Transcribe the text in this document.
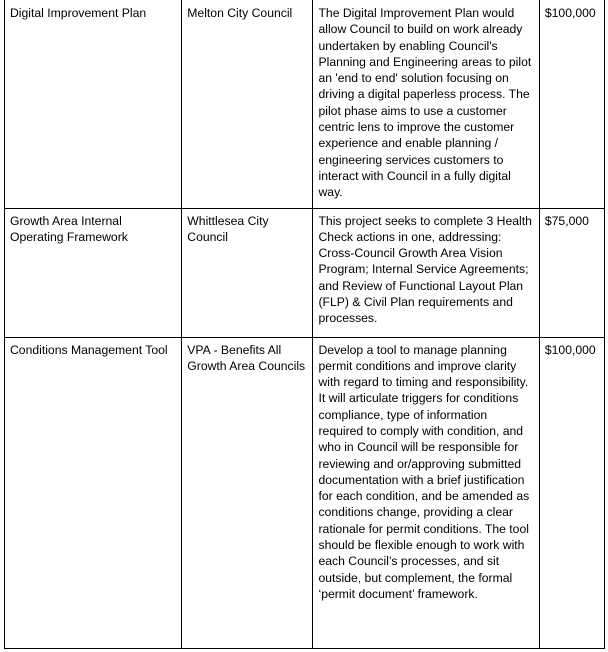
Digital Improvement Plan	Melton City Council	The Digital Improvement Plan would allow Council to build on work already undertaken by enabling Council's Planning and Engineering areas to pilot an 'end to end' solution focusing on driving a digital paperless process. The pilot phase aims to use a customer centric lens to improve the customer experience and enable planning / engineering services customers to interact with Council in a fully digital way.	$100,000

Growth Area Internal Operating Framework	Whittlesea City Council	This project seeks to complete 3 Health Check actions in one, addressing: Cross-Council Growth Area Vision Program; Internal Service Agreements; and Review of Functional Layout Plan (FLP) & Civil Plan requirements and processes.	$75,000

Conditions Management Tool	VPA - Benefits All Growth Area Councils	Develop a tool to manage planning permit conditions and improve clarity with regard to timing and responsibility. It will articulate triggers for conditions compliance, type of information required to comply with condition, and who in Council will be responsible for reviewing and or/approving submitted documentation with a brief justification for each condition, and be amended as conditions change, providing a clear rationale for permit conditions. The tool should be flexible enough to work with each Council’s processes, and sit outside, but complement, the formal ‘permit document’ framework.	$100,000
